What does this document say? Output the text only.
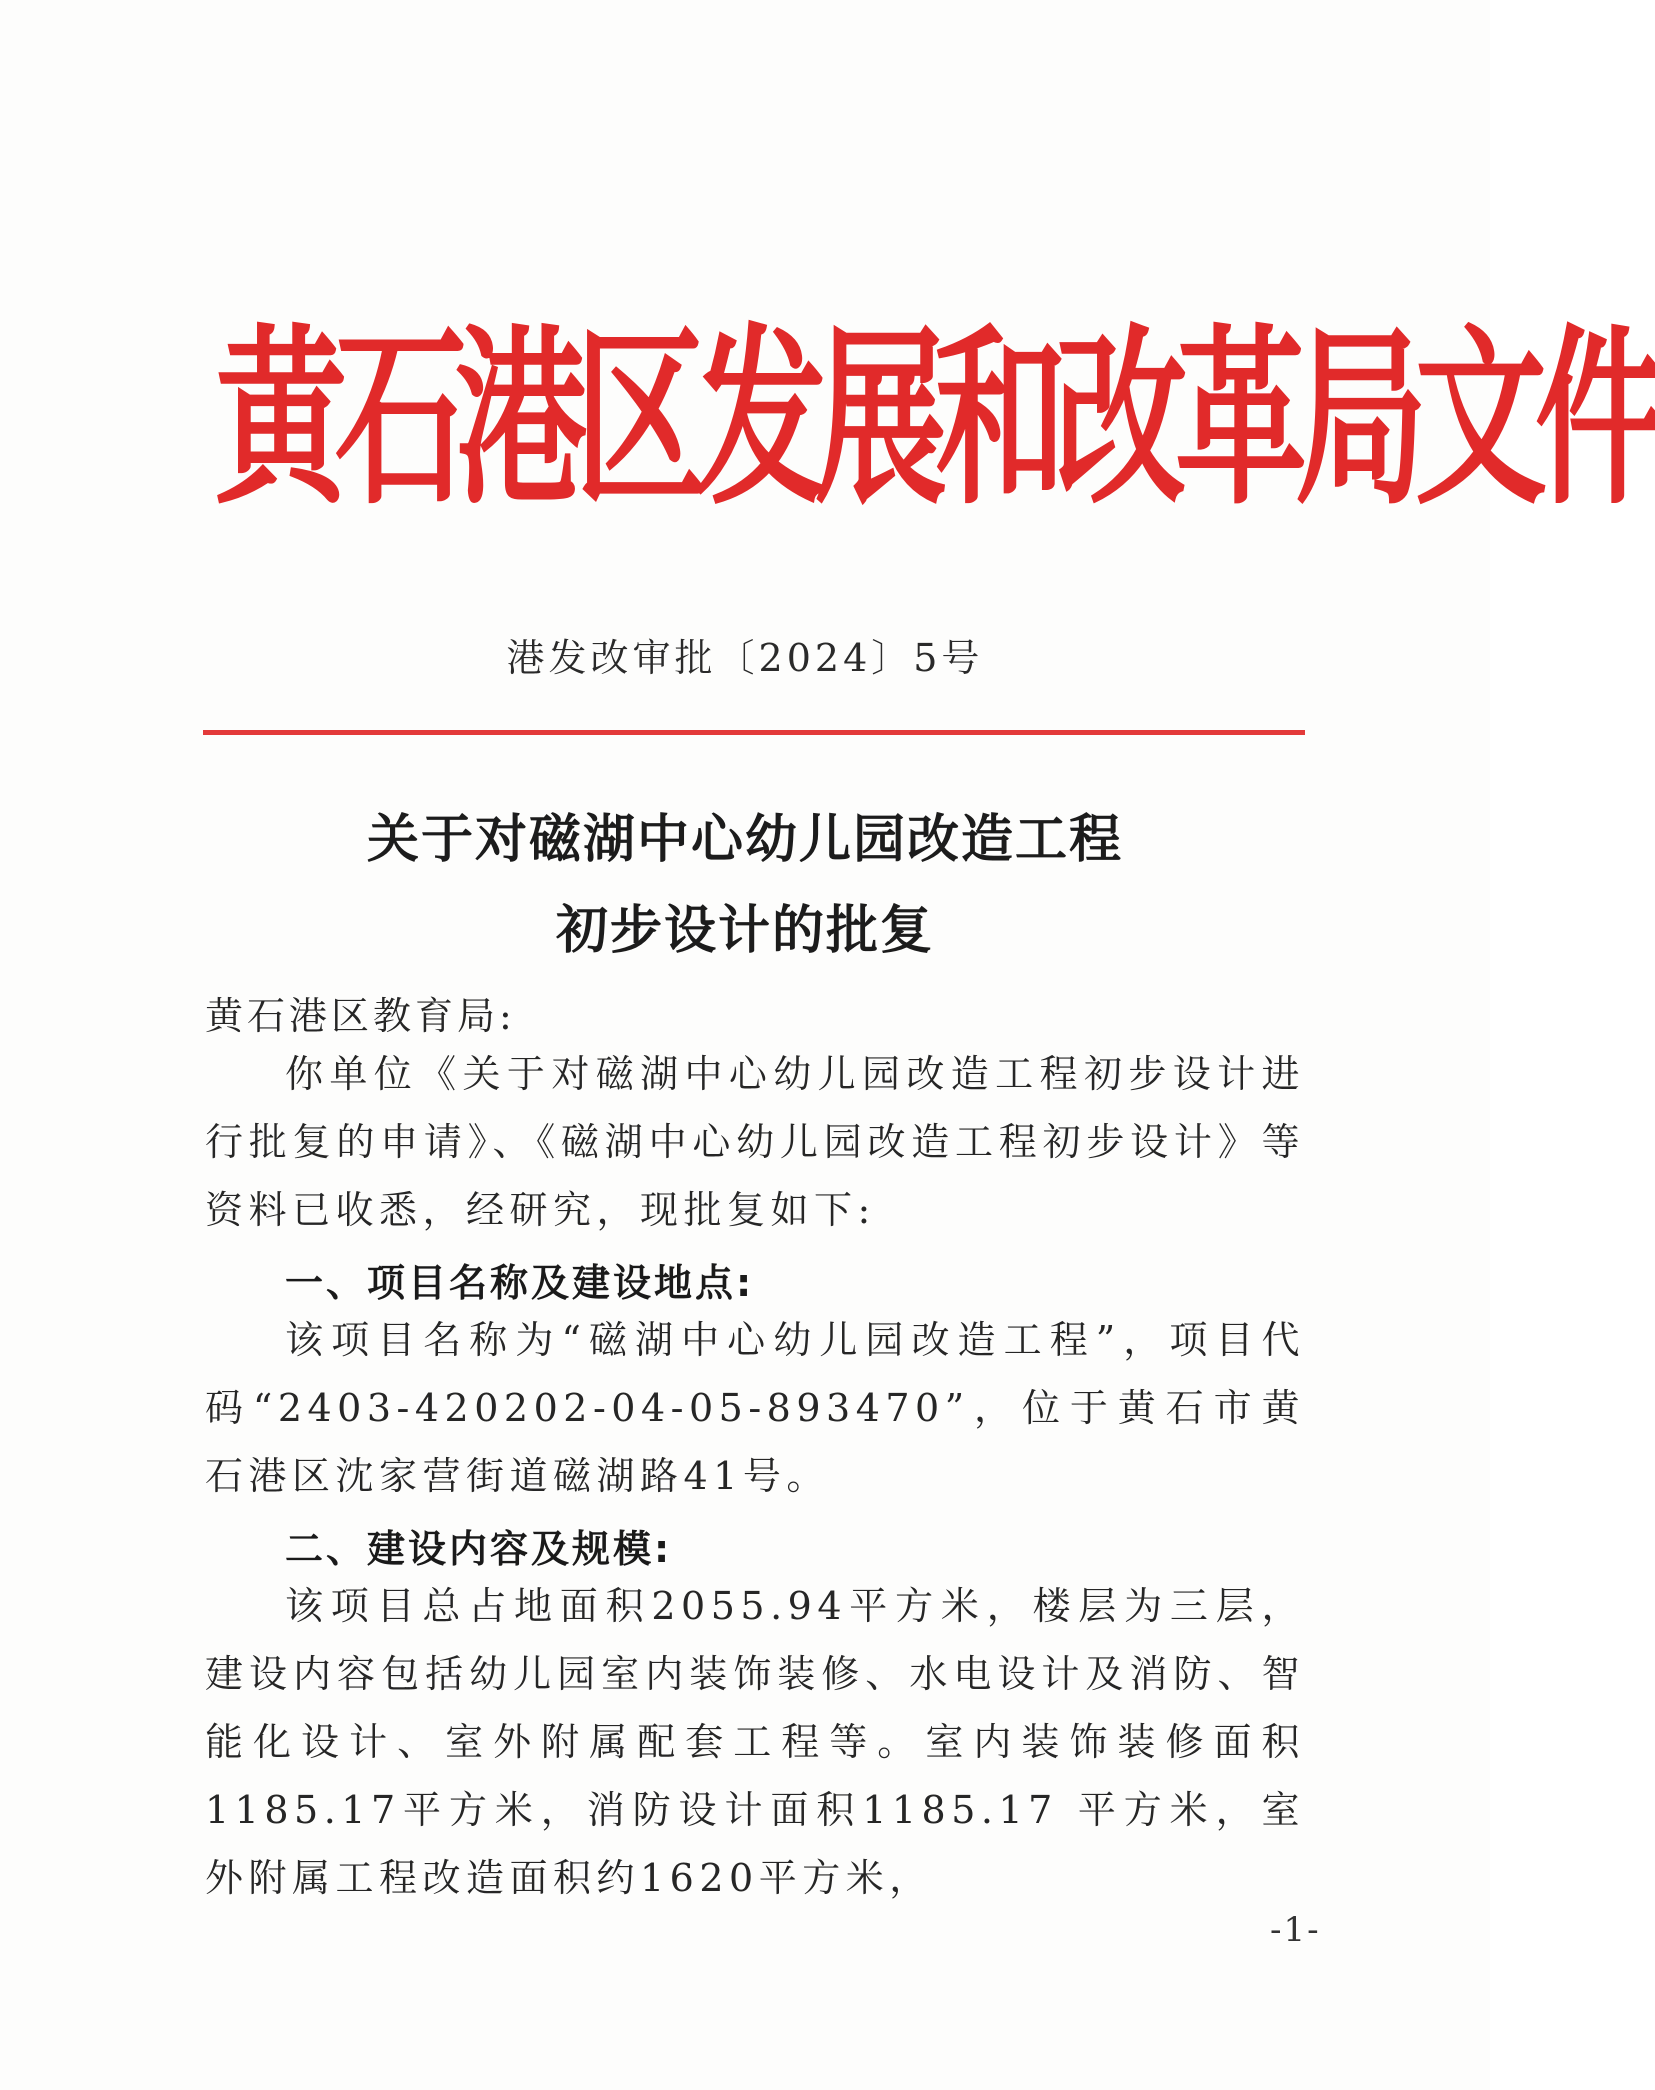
黄石港区发展和改革局文件
港发改审批〔2024〕5号
关于对磁湖中心幼儿园改造工程
初步设计的批复
黄石港区教育局:
你单位《关于对磁湖中心幼儿园改造工程初步设计进行批复的申请》、《磁湖中心幼儿园改造工程初步设计》等资料已收悉，经研究，现批复如下:
一、项目名称及建设地点:
该项目名称为“磁湖中心幼儿园改造工程”，项目代码“2403-420202-04-05-893470”，位于黄石市黄石港区沈家营街道磁湖路41号。
二、建设内容及规模:
该项目总占地面积2055.94平方米，楼层为三层，建设内容包括幼儿园室内装饰装修、水电设计及消防、智能化设计、室外附属配套工程等。室内装饰装修面积1185.17平方米，消防设计面积1185.17 平方米，室外附属工程改造面积约1620平方米，
-1-
